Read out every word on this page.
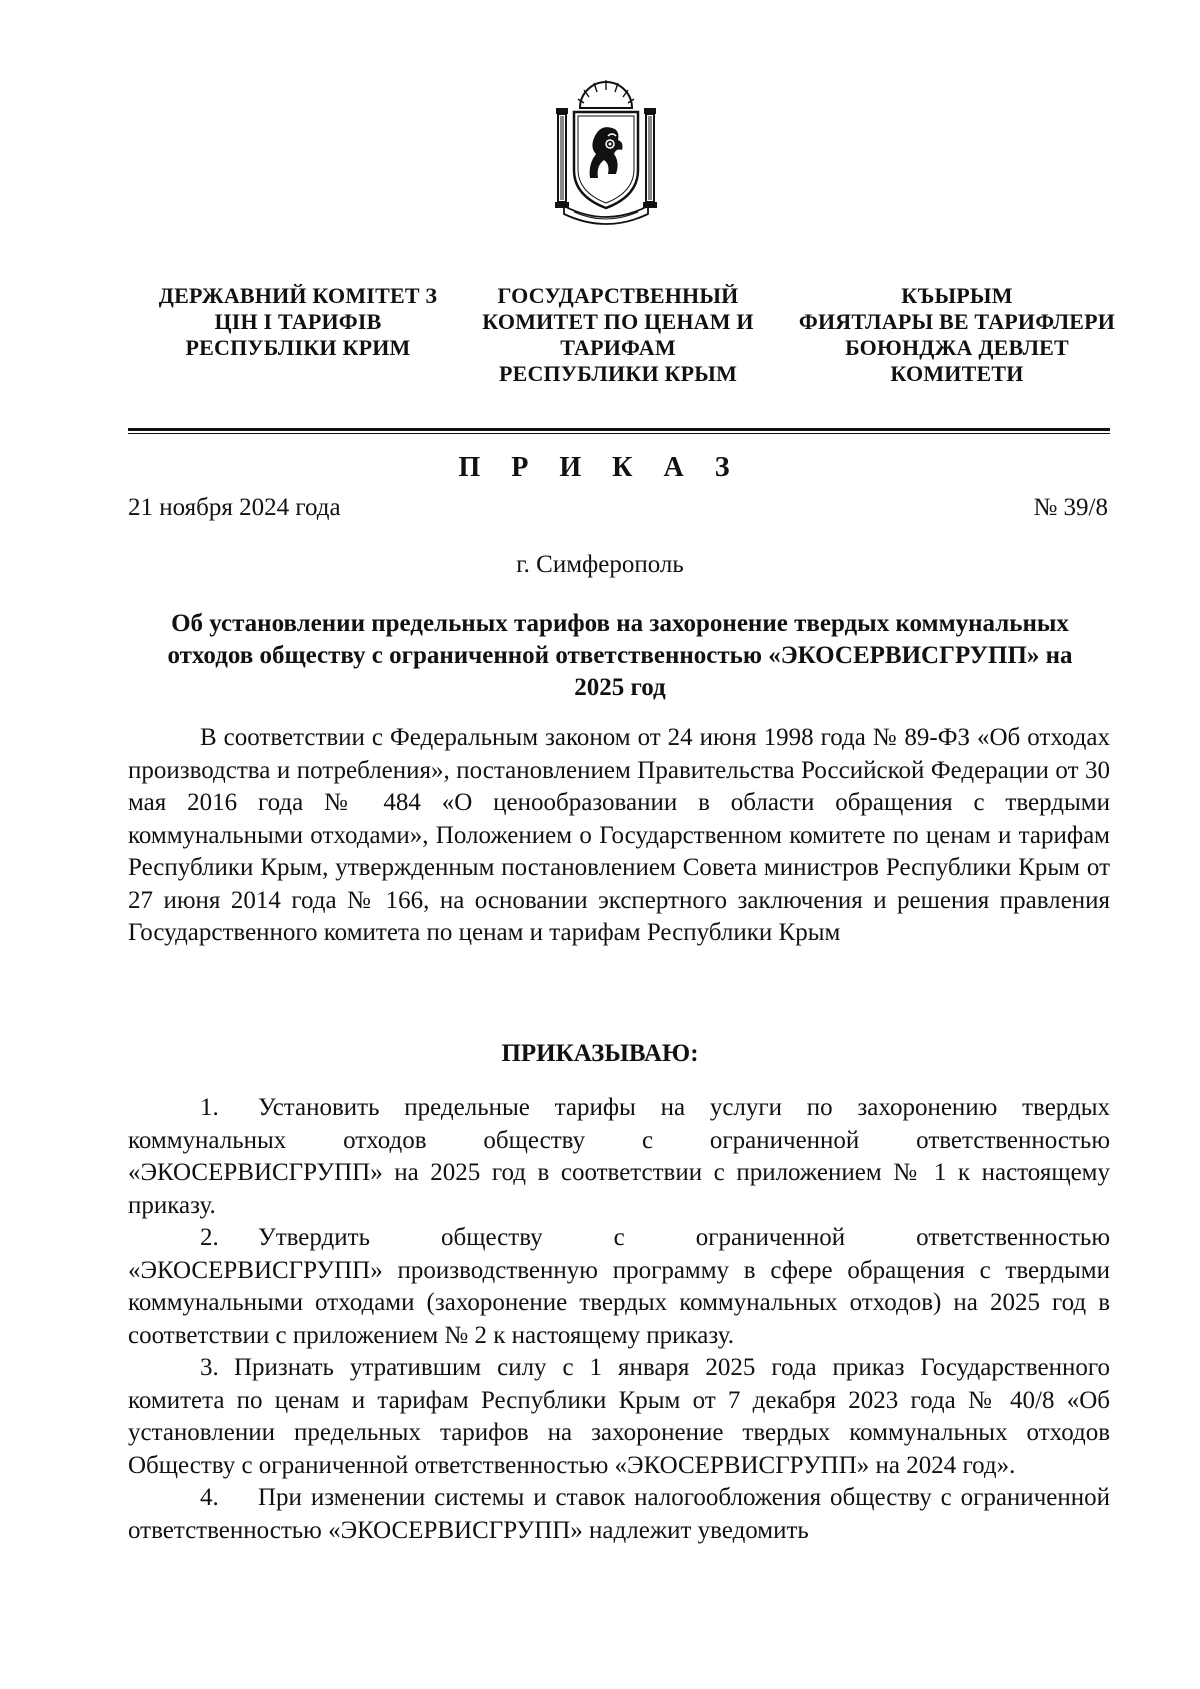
ДЕРЖАВНИЙ КОМІТЕТ З
ЦІН І ТАРИФІВ
РЕСПУБЛІКИ КРИМ
ГОСУДАРСТВЕННЫЙ
КОМИТЕТ ПО ЦЕНАМ И
ТАРИФАМ
РЕСПУБЛИКИ КРЫМ
КЪЫРЫМ
ФИЯТЛАРЫ ВЕ ТАРИФЛЕРИ
БОЮНДЖА ДЕВЛЕТ
КОМИТЕТИ
П Р И К А З
21 ноября 2024 года	№ 39/8
г. Симферополь
Об установлении предельных тарифов на захоронение твердых коммунальных отходов обществу с ограниченной ответственностью «ЭКОСЕРВИСГРУПП» на 2025 год

В соответствии с Федеральным законом от 24 июня 1998 года № 89-ФЗ «Об отходах производства и потребления», постановлением Правительства Российской Федерации от 30 мая 2016 года № 484 «О ценообразовании в области обращения с твердыми коммунальными отходами», Положением о Государственном комитете по ценам и тарифам Республики Крым, утвержденным постановлением Совета министров Республики Крым от 27 июня 2014 года № 166, на основании экспертного заключения и решения правления Государственного комитета по ценам и тарифам Республики Крым

ПРИКАЗЫВАЮ:

1. Установить предельные тарифы на услуги по захоронению твердых коммунальных отходов обществу с ограниченной ответственностью «ЭКОСЕРВИСГРУПП» на 2025 год в соответствии с приложением № 1 к настоящему приказу.

2. Утвердить обществу с ограниченной ответственностью «ЭКОСЕРВИСГРУПП» производственную программу в сфере обращения с твердыми коммунальными отходами (захоронение твердых коммунальных отходов) на 2025 год в соответствии с приложением № 2 к настоящему приказу.

3. Признать утратившим силу с 1 января 2025 года приказ Государственного комитета по ценам и тарифам Республики Крым от 7 декабря 2023 года № 40/8 «Об установлении предельных тарифов на захоронение твердых коммунальных отходов Обществу с ограниченной ответственностью «ЭКОСЕРВИСГРУПП» на 2024 год».

4. При изменении системы и ставок налогообложения обществу с ограниченной ответственностью «ЭКОСЕРВИСГРУПП» надлежит уведомить
